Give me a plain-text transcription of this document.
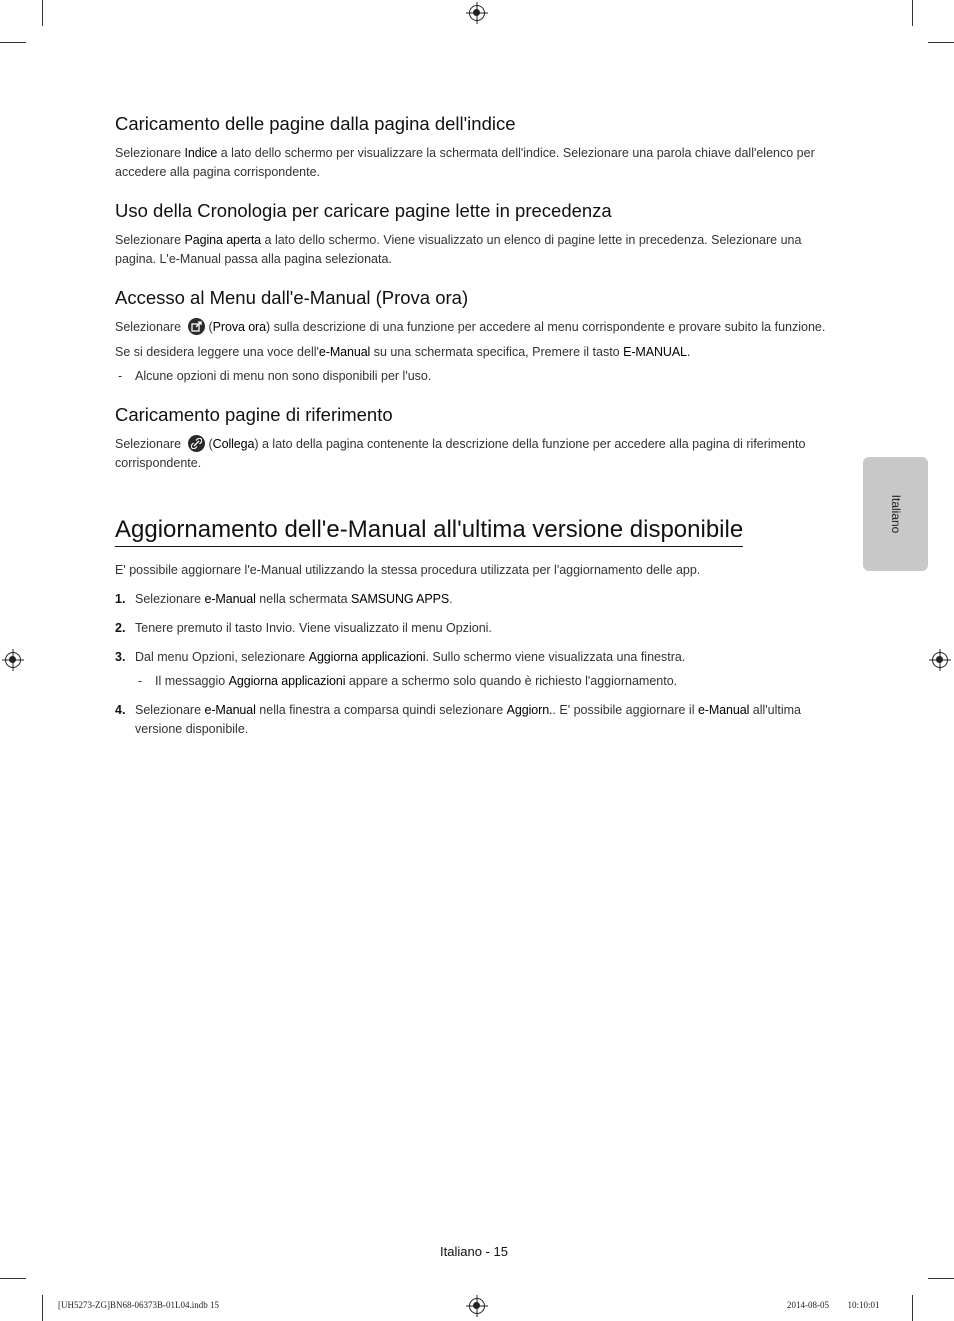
Caricamento delle pagine dalla pagina dell'indice

Selezionare Indice a lato dello schermo per visualizzare la schermata dell'indice. Selezionare una parola chiave dall'elenco per accedere alla pagina corrispondente.

Uso della Cronologia per caricare pagine lette in precedenza

Selezionare Pagina aperta a lato dello schermo. Viene visualizzato un elenco di pagine lette in precedenza. Selezionare una pagina. L'e-Manual passa alla pagina selezionata.

Accesso al Menu dall'e-Manual (Prova ora)

Selezionare (Prova ora) sulla descrizione di una funzione per accedere al menu corrispondente e provare subito la funzione.

Se si desidera leggere una voce dell'e-Manual su una schermata specifica, Premere il tasto E-MANUAL.

- Alcune opzioni di menu non sono disponibili per l'uso.

Caricamento pagine di riferimento

Selezionare (Collega) a lato della pagina contenente la descrizione della funzione per accedere alla pagina di riferimento corrispondente.

Aggiornamento dell'e-Manual all'ultima versione disponibile

E' possibile aggiornare l'e-Manual utilizzando la stessa procedura utilizzata per l'aggiornamento delle app.

1. Selezionare e-Manual nella schermata SAMSUNG APPS.
2. Tenere premuto il tasto Invio. Viene visualizzato il menu Opzioni.
3. Dal menu Opzioni, selezionare Aggiorna applicazioni. Sullo schermo viene visualizzata una finestra.
- Il messaggio Aggiorna applicazioni appare a schermo solo quando è richiesto l'aggiornamento.
4. Selezionare e-Manual nella finestra a comparsa quindi selezionare Aggiorn.. E' possibile aggiornare il e-Manual all'ultima versione disponibile.
Italiano
Italiano - 15
[UH5273-ZG]BN68-06373B-01L04.indb 15	2014-08-05 ￿￿ 10:10:01
